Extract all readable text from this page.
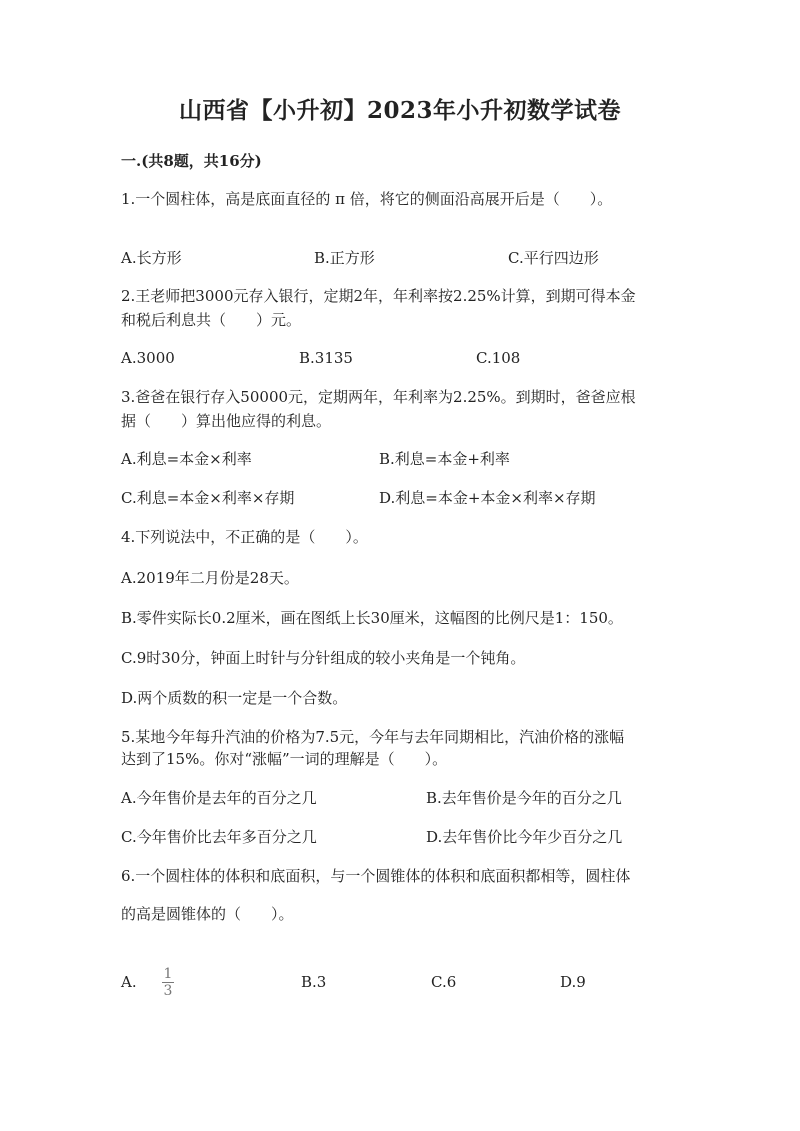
山西省【小升初】2023年小升初数学试卷
一.(共8题，共16分)
1.一个圆柱体，高是底面直径的 π 倍，将它的侧面沿高展开后是（　　）。
A.长方形	B.正方形	C.平行四边形
2.王老师把3000元存入银行，定期2年，年利率按2.25%计算，到期可得本金
和税后利息共（　　）元。
A.3000	B.3135	C.108
3.爸爸在银行存入50000元，定期两年，年利率为2.25%。到期时，爸爸应根
据（　　）算出他应得的利息。
A.利息=本金×利率	B.利息=本金+利率
C.利息=本金×利率×存期	D.利息=本金+本金×利率×存期
4.下列说法中，不正确的是（　　）。
A.2019年二月份是28天。
B.零件实际长0.2厘米，画在图纸上长30厘米，这幅图的比例尺是1：150。
C.9时30分，钟面上时针与分针组成的较小夹角是一个钝角。
D.两个质数的积一定是一个合数。
5.某地今年每升汽油的价格为7.5元，今年与去年同期相比，汽油价格的涨幅
达到了15%。你对“涨幅”一词的理解是（　　）。
A.今年售价是去年的百分之几	B.去年售价是今年的百分之几
C.今年售价比去年多百分之几	D.去年售价比今年少百分之几
6.一个圆柱体的体积和底面积，与一个圆锥体的体积和底面积都相等，圆柱体
的高是圆锥体的（　　）。
A. 1
3	B.3	C.6	D.9
